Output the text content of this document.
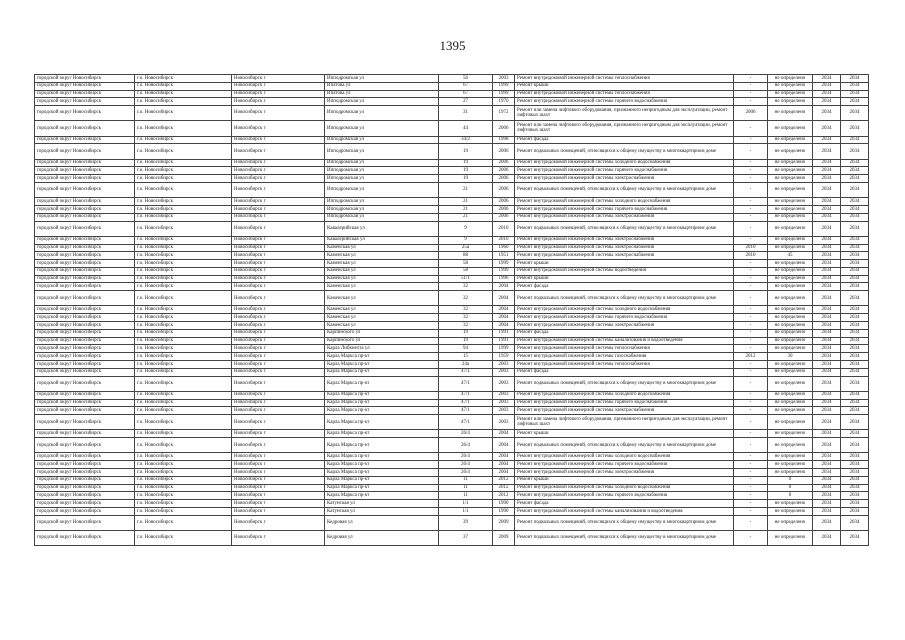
1395
городской округ Новосибирск	г.о. Новосибирск	Новосибирск г	Ипподромская ул	56	2003	Ремонт внутридомовой инженерной системы теплоснабжения	-	не определено	2034	2034
городской округ Новосибирск	г.о. Новосибирск	Новосибирск г	Ипатова ул	67	1999	Ремонт крыши	-	не определено	2034	2034
городской округ Новосибирск	г.о. Новосибирск	Новосибирск г	Ипатова ул	67	1999	Ремонт внутридомовой инженерной системы теплоснабжения	-	не определено	2034	2034
городской округ Новосибирск	г.о. Новосибирск	Новосибирск г	Ипподромская ул	27	1970	Ремонт внутридомовой инженерной системы горячего водоснабжения	-	не определено	2034	2034
городской округ Новосибирск	г.о. Новосибирск	Новосибирск г	Ипподромская ул	31	1972	Ремонт или замена лифтового оборудования, признанного непригодным для эксплуатации, ремонт лифтовых шахт	2006	не определено	2034	2034
городской округ Новосибирск	г.о. Новосибирск	Новосибирск г	Ипподромская ул	44	2006	Ремонт или замена лифтового оборудования, признанного непригодным для эксплуатации, ремонт лифтовых шахт	-	не определено	2034	2034
городской округ Новосибирск	г.о. Новосибирск	Новосибирск г	Ипподромская ул	34/2	1998	Ремонт фасада	-	не определено	2034	2034
городской округ Новосибирск	г.о. Новосибирск	Новосибирск г	Ипподромская ул	19	2006	Ремонт подвальных помещений, относящихся к общему имуществу в многоквартирном доме	-	не определено	2034	2034
городской округ Новосибирск	г.о. Новосибирск	Новосибирск г	Ипподромская ул	19	2006	Ремонт внутридомовой инженерной системы холодного водоснабжения	-	не определено	2034	2034
городской округ Новосибирск	г.о. Новосибирск	Новосибирск г	Ипподромская ул	19	2006	Ремонт внутридомовой инженерной системы горячего водоснабжения	-	не определено	2034	2034
городской округ Новосибирск	г.о. Новосибирск	Новосибирск г	Ипподромская ул	19	2006	Ремонт внутридомовой инженерной системы электроснабжения	-	не определено	2034	2034
городской округ Новосибирск	г.о. Новосибирск	Новосибирск г	Ипподромская ул	21	2006	Ремонт подвальных помещений, относящихся к общему имуществу в многоквартирном доме	-	не определено	2034	2034
городской округ Новосибирск	г.о. Новосибирск	Новосибирск г	Ипподромская ул	21	2006	Ремонт внутридомовой инженерной системы холодного водоснабжения	-	не определено	2034	2034
городской округ Новосибирск	г.о. Новосибирск	Новосибирск г	Ипподромская ул	21	2006	Ремонт внутридомовой инженерной системы горячего водоснабжения	-	не определено	2034	2034
городской округ Новосибирск	г.о. Новосибирск	Новосибирск г	Ипподромская ул	21	2006	Ремонт внутридомовой инженерной системы электроснабжения	-	не определено	2034	2034
городской округ Новосибирск	г.о. Новосибирск	Новосибирск г	Кавалерийская ул	9	2010	Ремонт подвальных помещений, относящихся к общему имуществу в многоквартирном доме	-	не определено	2034	2034
городской округ Новосибирск	г.о. Новосибирск	Новосибирск г	Кавалерийская ул	9	2010	Ремонт внутридомовой инженерной системы электроснабжения	-	не определено	2034	2034
городской округ Новосибирск	г.о. Новосибирск	Новосибирск г	Каменская ул	25а	1960	Ремонт внутридомовой инженерной системы электроснабжения	2010	не определено	2034	2034
городской округ Новосибирск	г.о. Новосибирск	Новосибирск г	Каменская ул	88	1951	Ремонт внутридомовой инженерной системы электроснабжения	2010	45	2034	2034
городской округ Новосибирск	г.о. Новосибирск	Новосибирск г	Каменская ул	58	1999	Ремонт крыши	-	не определено	2034	2034
городской округ Новосибирск	г.о. Новосибирск	Новосибирск г	Каменская ул	58	1999	Ремонт внутридомовой инженерной системы водоотведения	-	не определено	2034	2034
городской округ Новосибирск	г.о. Новосибирск	Новосибирск г	Каменская ул	51/1	1996	Ремонт крыши	-	не определено	2034	2034
городской округ Новосибирск	г.о. Новосибирск	Новосибирск г	Каменская ул	32	2004	Ремонт фасада	-	не определено	2034	2034
городской округ Новосибирск	г.о. Новосибирск	Новосибирск г	Каменская ул	32	2004	Ремонт подвальных помещений, относящихся к общему имуществу в многоквартирном доме	-	не определено	2034	2034
городской округ Новосибирск	г.о. Новосибирск	Новосибирск г	Каменская ул	32	2004	Ремонт внутридомовой инженерной системы холодного водоснабжения	-	не определено	2034	2034
городской округ Новосибирск	г.о. Новосибирск	Новосибирск г	Каменская ул	32	2004	Ремонт внутридомовой инженерной системы горячего водоснабжения	-	не определено	2034	2034
городской округ Новосибирск	г.о. Новосибирск	Новосибирск г	Каменская ул	32	2004	Ремонт внутридомовой инженерной системы электроснабжения	-	не определено	2034	2034
городской округ Новосибирск	г.о. Новосибирск	Новосибирск г	Карпинского ул	19	1991	Ремонт фасада	-	не определено	2034	2034
городской округ Новосибирск	г.о. Новосибирск	Новосибирск г	Карпинского ул	19	1991	Ремонт внутридомовой инженерной системы канализования и водоотведения	-	не определено	2034	2034
городской округ Новосибирск	г.о. Новосибирск	Новосибирск г	Карла Либкнехта ул	94	1999	Ремонт внутридомовой инженерной системы теплоснабжения	-	не определено	2034	2034
городской округ Новосибирск	г.о. Новосибирск	Новосибирск г	Карла Маркса пр-кт	15	1959	Ремонт внутридомовой инженерной системы газоснабжения	2012	30	2034	2034
городской округ Новосибирск	г.о. Новосибирск	Новосибирск г	Карла Маркса пр-кт	24а	2003	Ремонт внутридомовой инженерной системы теплоснабжения	-	не определено	2034	2034
городской округ Новосибирск	г.о. Новосибирск	Новосибирск г	Карла Маркса пр-кт	47/1	2003	Ремонт фасада	-	не определено	2034	2034
городской округ Новосибирск	г.о. Новосибирск	Новосибирск г	Карла Маркса пр-кт	47/1	2003	Ремонт подвальных помещений, относящихся к общему имуществу в многоквартирном доме	-	не определено	2034	2034
городской округ Новосибирск	г.о. Новосибирск	Новосибирск г	Карла Маркса пр-кт	47/1	2003	Ремонт внутридомовой инженерной системы холодного водоснабжения	-	не определено	2034	2034
городской округ Новосибирск	г.о. Новосибирск	Новосибирск г	Карла Маркса пр-кт	47/1	2003	Ремонт внутридомовой инженерной системы горячего водоснабжения	-	не определено	2034	2034
городской округ Новосибирск	г.о. Новосибирск	Новосибирск г	Карла Маркса пр-кт	47/1	2003	Ремонт внутридомовой инженерной системы электроснабжения	-	не определено	2034	2034
городской округ Новосибирск	г.о. Новосибирск	Новосибирск г	Карла Маркса пр-кт	47/1	2003	Ремонт или замена лифтового оборудования, признанного непригодным для эксплуатации, ремонт лифтовых шахт	-	не определено	2034	2034
городской округ Новосибирск	г.о. Новосибирск	Новосибирск г	Карла Маркса пр-кт	26/4	2004	Ремонт крыши	-	не определено	2034	2034
городской округ Новосибирск	г.о. Новосибирск	Новосибирск г	Карла Маркса пр-кт	26/4	2004	Ремонт подвальных помещений, относящихся к общему имуществу в многоквартирном доме	-	не определено	2034	2034
городской округ Новосибирск	г.о. Новосибирск	Новосибирск г	Карла Маркса пр-кт	26/4	2004	Ремонт внутридомовой инженерной системы холодного водоснабжения	-	не определено	2034	2034
городской округ Новосибирск	г.о. Новосибирск	Новосибирск г	Карла Маркса пр-кт	26/4	2004	Ремонт внутридомовой инженерной системы горячего водоснабжения	-	не определено	2034	2034
городской округ Новосибирск	г.о. Новосибирск	Новосибирск г	Карла Маркса пр-кт	26/4	2004	Ремонт внутридомовой инженерной системы электроснабжения	-	не определено	2034	2034
городской округ Новосибирск	г.о. Новосибирск	Новосибирск г	Карла Маркса пр-кт	11	2012	Ремонт крыши	-	0	2034	2034
городской округ Новосибирск	г.о. Новосибирск	Новосибирск г	Карла Маркса пр-кт	11	2012	Ремонт внутридомовой инженерной системы холодного водоснабжения	-	0	2034	2034
городской округ Новосибирск	г.о. Новосибирск	Новосибирск г	Карла Маркса пр-кт	11	2012	Ремонт внутридомовой инженерной системы горячего водоснабжения	-	0	2034	2034
городской округ Новосибирск	г.о. Новосибирск	Новосибирск г	Катунская ул	1/1	1990	Ремонт фасада	-	не определено	2034	2034
городской округ Новосибирск	г.о. Новосибирск	Новосибирск г	Катунская ул	1/1	1990	Ремонт внутридомовой инженерной системы канализования и водоотведения	-	не определено	2034	2034
городской округ Новосибирск	г.о. Новосибирск	Новосибирск г	Кедровая ул	39	2009	Ремонт подвальных помещений, относящихся к общему имуществу в многоквартирном доме	-	не определено	2034	2034
городской округ Новосибирск	г.о. Новосибирск	Новосибирск г	Кедровая ул	37	2009	Ремонт подвальных помещений, относящихся к общему имуществу в многоквартирном доме	-	не определено	2034	2034
